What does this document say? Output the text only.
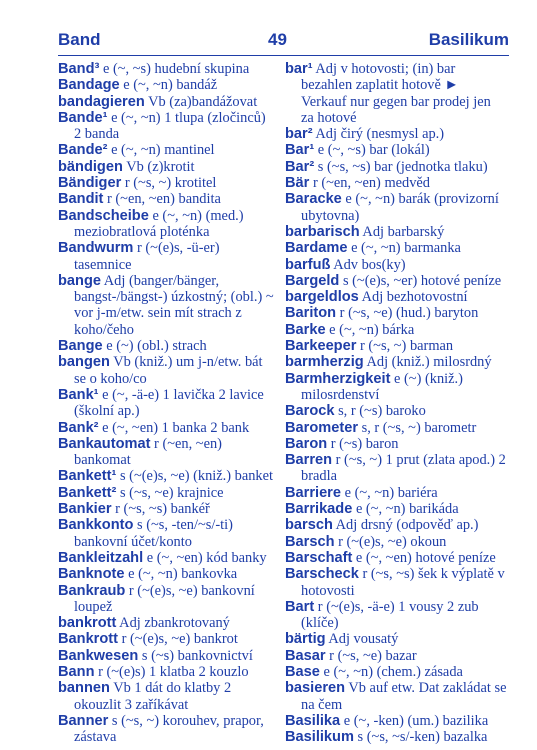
Band	49	Basilikum

Band³ e (~, ~s) hudební skupina

Bandage e (~, ~n) bandáž

bandagieren Vb (za)bandážovat

Bande¹ e (~, ~n) 1 tlupa (zločinců) 2 banda

Bande² e (~, ~n) mantinel

bändigen Vb (z)krotit

Bändiger r (~s, ~) krotitel

Bandit r (~en, ~en) bandita

Bandscheibe e (~, ~n) (med.) meziobratlová ploténka

Bandwurm r (~(e)s, -ü-er) tasemnice

bange Adj (banger/bänger, bangst-/bängst-) úzkostný; (obl.) ~ vor j-m/etw. sein mít strach z koho/čeho

Bange e (~) (obl.) strach

bangen Vb (kniž.) um j-n/etw. bát se o koho/co

Bank¹ e (~, -ä-e) 1 lavička 2 lavice (školní ap.)

Bank² e (~, ~en) 1 banka 2 bank

Bankautomat r (~en, ~en) bankomat

Bankett¹ s (~(e)s, ~e) (kniž.) banket

Bankett² s (~s, ~e) krajnice

Bankier r (~s, ~s) bankéř

Bankkonto s (~s, -ten/~s/-ti) bankovní účet/konto

Bankleitzahl e (~, ~en) kód banky

Banknote e (~, ~n) bankovka

Bankraub r (~(e)s, ~e) bankovní loupež

bankrott Adj zbankrotovaný

Bankrott r (~(e)s, ~e) bankrot

Bankwesen s (~s) bankovnictví

Bann r (~(e)s) 1 klatba 2 kouzlo

bannen Vb 1 dát do klatby 2 okouzlit 3 zaříkávat

Banner s (~s, ~) korouhev, prapor, zástava

bar¹ Adj v hotovosti; (in) bar bezahlen zaplatit hotově ► Verkauf nur gegen bar prodej jen za hotové

bar² Adj čirý (nesmysl ap.)

Bar¹ e (~, ~s) bar (lokál)

Bar² s (~s, ~s) bar (jednotka tlaku)

Bär r (~en, ~en) medvěd

Baracke e (~, ~n) barák (provizorní ubytovna)

barbarisch Adj barbarský

Bardame e (~, ~n) barmanka

barfuß Adv bos(ky)

Bargeld s (~(e)s, ~er) hotové peníze

bargeldlos Adj bezhotovostní

Bariton r (~s, ~e) (hud.) baryton

Barke e (~, ~n) bárka

Barkeeper r (~s, ~) barman

barmherzig Adj (kniž.) milosrdný

Barmherzigkeit e (~) (kniž.) milosrdenství

Barock s, r (~s) baroko

Barometer s, r (~s, ~) barometr

Baron r (~s) baron

Barren r (~s, ~) 1 prut (zlata apod.) 2 bradla

Barriere e (~, ~n) bariéra

Barrikade e (~, ~n) barikáda

barsch Adj drsný (odpověď ap.)

Barsch r (~(e)s, ~e) okoun

Barschaft e (~, ~en) hotové peníze

Barscheck r (~s, ~s) šek k výplatě v hotovosti

Bart r (~(e)s, -ä-e) 1 vousy 2 zub (klíče)

bärtig Adj vousatý

Basar r (~s, ~e) bazar

Base e (~, ~n) (chem.) zásada

basieren Vb auf etw. Dat zakládat se na čem

Basilika e (~, -ken) (um.) bazilika

Basilikum s (~s, ~s/-ken) bazalka
